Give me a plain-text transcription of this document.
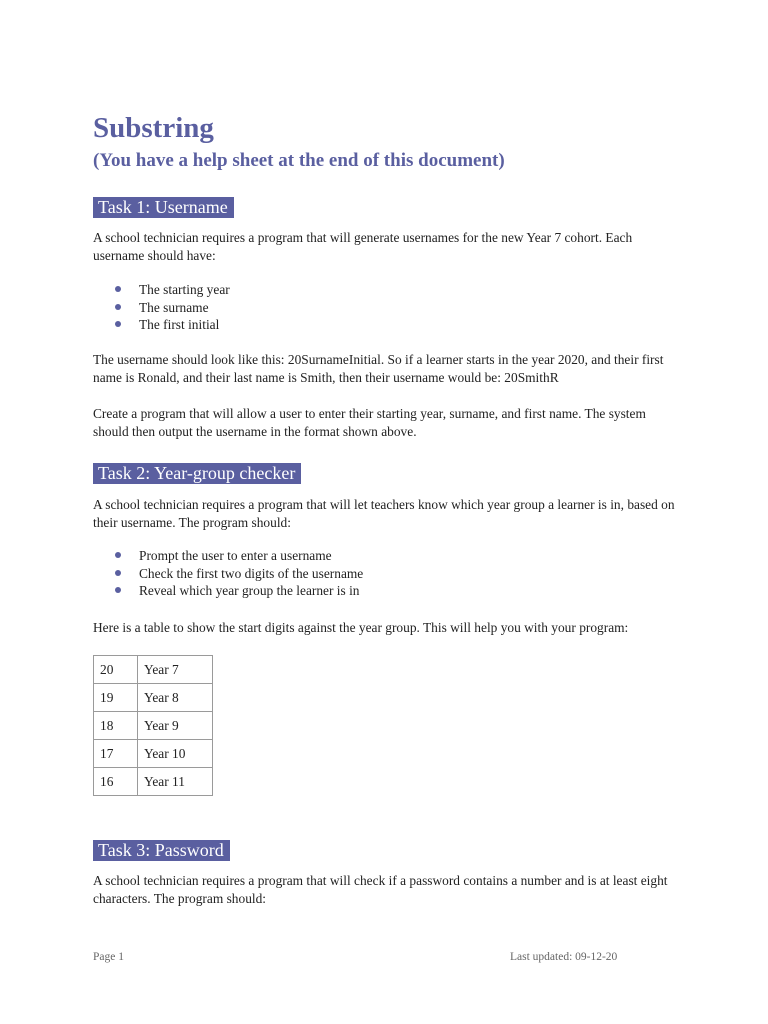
Substring
(You have a help sheet at the end of this document)
Task 1: Username

A school technician requires a program that will generate usernames for the new Year 7 cohort. Each username should have:

The starting year
The surname
The first initial

The username should look like this: 20SurnameInitial. So if a learner starts in the year 2020, and their first name is Ronald, and their last name is Smith, then their username would be: 20SmithR

Create a program that will allow a user to enter their starting year, surname, and first name. The system should then output the username in the format shown above.

Task 2: Year-group checker

A school technician requires a program that will let teachers know which year group a learner is in, based on their username. The program should:

Prompt the user to enter a username
Check the first two digits of the username
Reveal which year group the learner is in

Here is a table to show the start digits against the year group. This will help you with your program:

20	Year 7
19	Year 8
18	Year 9
17	Year 10
16	Year 11
Task 3: Password

A school technician requires a program that will check if a password contains a number and is at least eight characters. The program should:

Page 1	Last updated: 09-12-20
